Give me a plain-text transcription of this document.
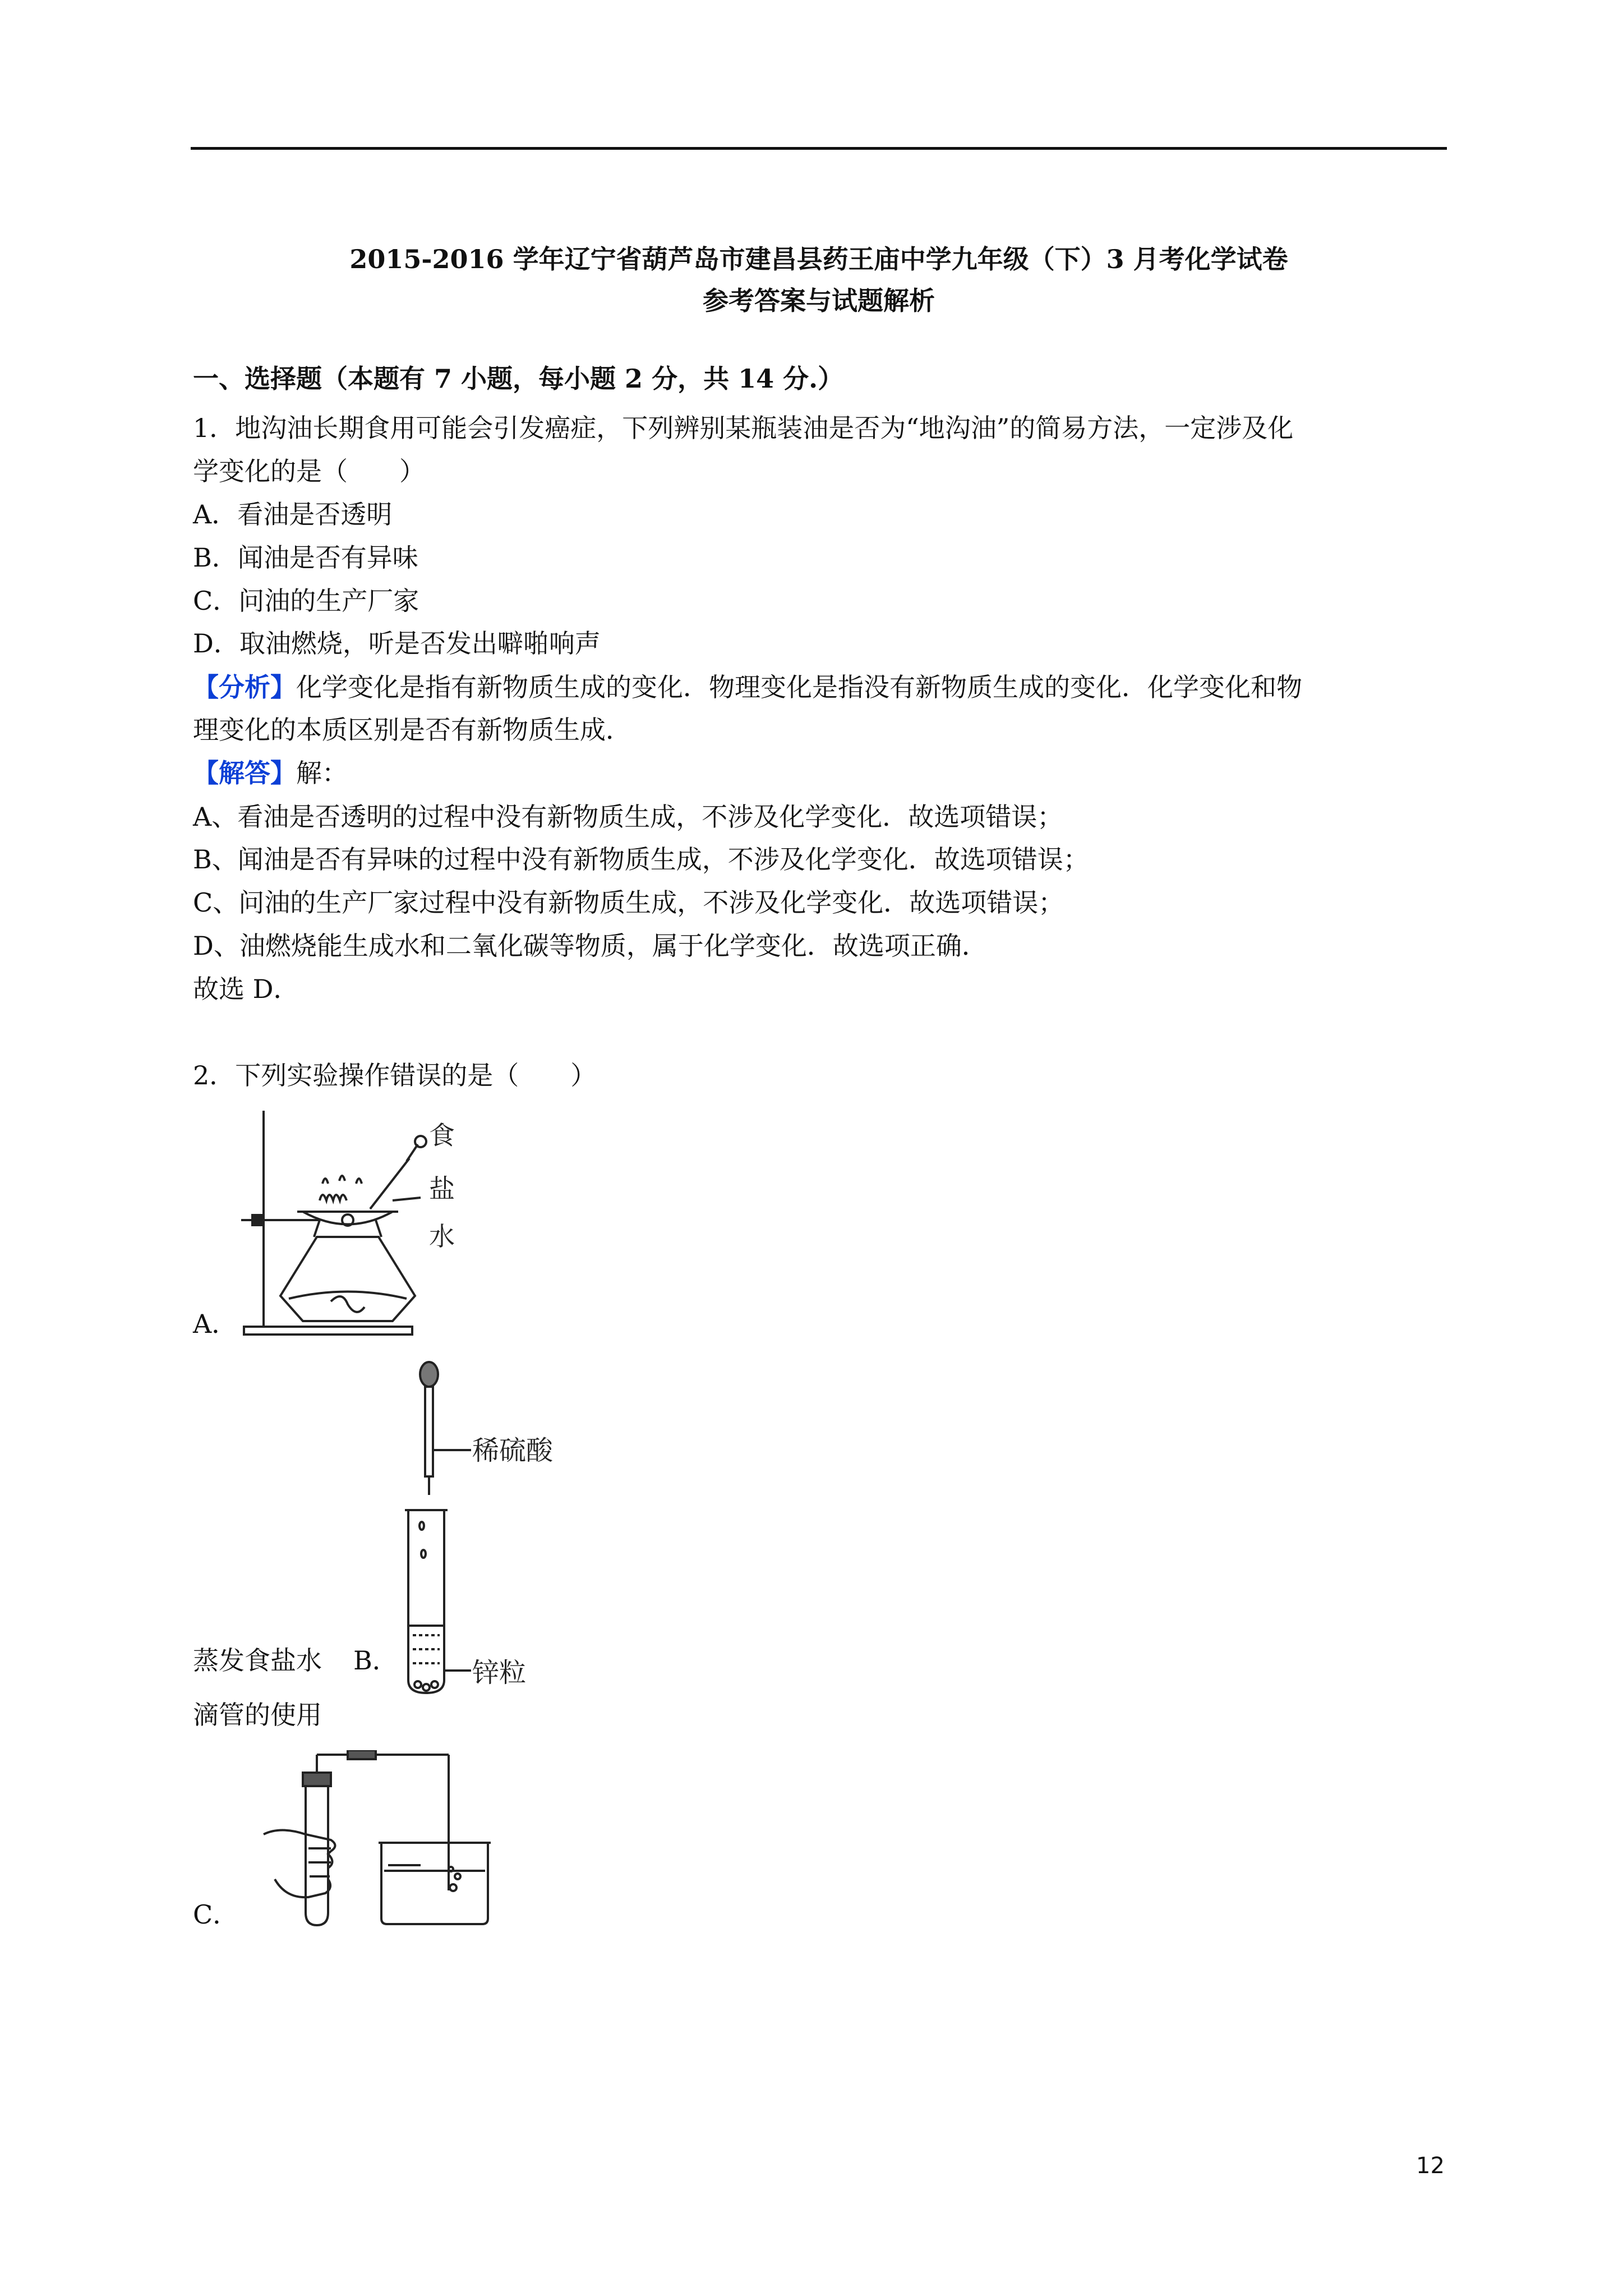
2015-2016 学年辽宁省葫芦岛市建昌县药王庙中学九年级（下）3 月考化学试卷
参考答案与试题解析
一、选择题（本题有 7 小题，每小题 2 分，共 14 分.）
1．地沟油长期食用可能会引发癌症，下列辨别某瓶装油是否为“地沟油”的简易方法，一定涉及化
学变化的是（　　）
A．看油是否透明
B．闻油是否有异味
C．问油的生产厂家
D．取油燃烧，听是否发出噼啪响声
【分析】化学变化是指有新物质生成的变化．物理变化是指没有新物质生成的变化．化学变化和物
理变化的本质区别是否有新物质生成．
【解答】解：
A、看油是否透明的过程中没有新物质生成，不涉及化学变化．故选项错误；
B、闻油是否有异味的过程中没有新物质生成，不涉及化学变化．故选项错误；
C、问油的生产厂家过程中没有新物质生成，不涉及化学变化．故选项错误；
D、油燃烧能生成水和二氧化碳等物质，属于化学变化．故选项正确．
故选 D．
2．下列实验操作错误的是（　　）
食
盐
水
A．
稀硫酸
锌粒
蒸发食盐水 B．
滴管的使用
C．
12
